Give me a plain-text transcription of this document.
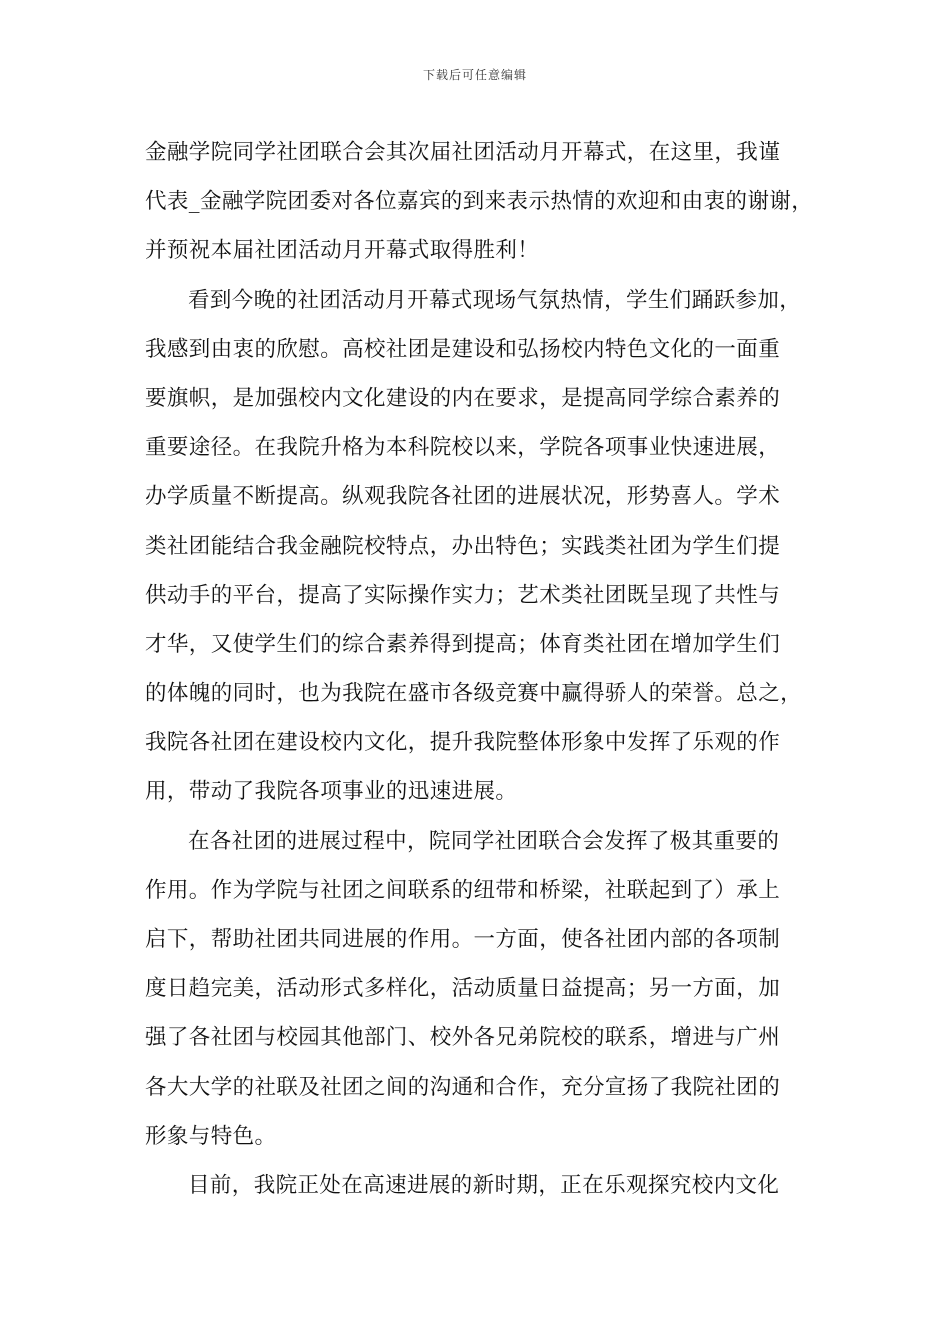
下载后可任意编辑
金融学院同学社团联合会其次届社团活动月开幕式，在这里，我谨
代表_金融学院团委对各位嘉宾的到来表示热情的欢迎和由衷的谢谢，
并预祝本届社团活动月开幕式取得胜利！
看到今晚的社团活动月开幕式现场气氛热情，学生们踊跃参加，
我感到由衷的欣慰。高校社团是建设和弘扬校内特色文化的一面重
要旗帜，是加强校内文化建设的内在要求，是提高同学综合素养的
重要途径。在我院升格为本科院校以来，学院各项事业快速进展，
办学质量不断提高。纵观我院各社团的进展状况，形势喜人。学术
类社团能结合我金融院校特点，办出特色；实践类社团为学生们提
供动手的平台，提高了实际操作实力；艺术类社团既呈现了共性与
才华，又使学生们的综合素养得到提高；体育类社团在增加学生们
的体魄的同时，也为我院在盛市各级竞赛中赢得骄人的荣誉。总之，
我院各社团在建设校内文化，提升我院整体形象中发挥了乐观的作
用，带动了我院各项事业的迅速进展。
在各社团的进展过程中，院同学社团联合会发挥了极其重要的
作用。作为学院与社团之间联系的纽带和桥梁，社联起到了）承上
启下，帮助社团共同进展的作用。一方面，使各社团内部的各项制
度日趋完美，活动形式多样化，活动质量日益提高；另一方面，加
强了各社团与校园其他部门、校外各兄弟院校的联系，增进与广州
各大大学的社联及社团之间的沟通和合作，充分宣扬了我院社团的
形象与特色。
目前，我院正处在高速进展的新时期，正在乐观探究校内文化
